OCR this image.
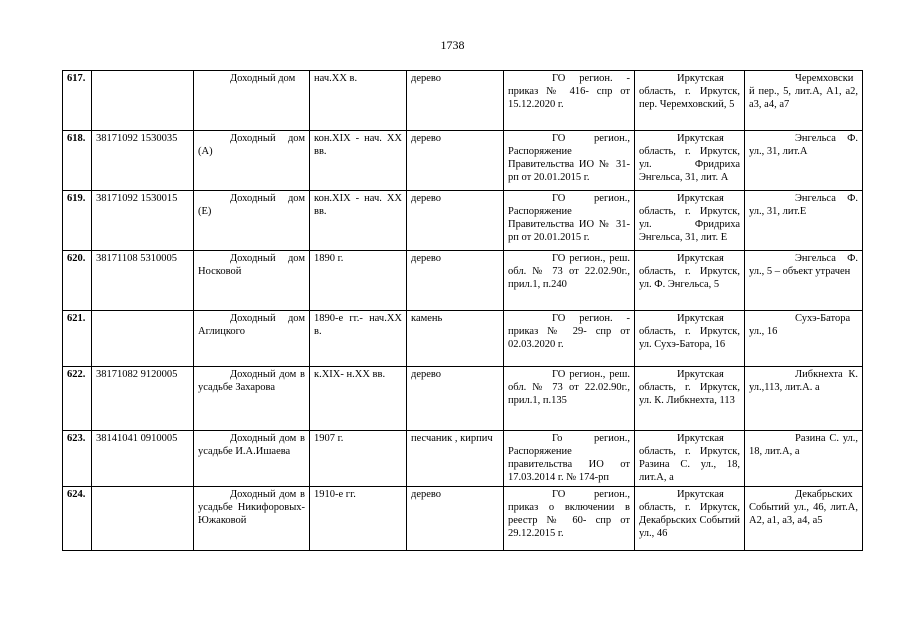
1738
617.		Доходный дом	нач.XX в.	дерево	ГО регион. - приказ № 416- спр от 15.12.2020 г.	Иркутская область, г. Иркутск, пер. Черемховский, 5	Черемховский пер., 5, лит.А, А1, а2, а3, а4, а7
618.	38171092 1530035	Доходный дом (А)	кон.XIX - нач. XX вв.	дерево	ГО регион., Распоряжение Правительства ИО № 31-рп от 20.01.2015 г.	Иркутская область, г. Иркутск, ул. Фридриха Энгельса, 31, лит. А	Энгельса Ф. ул., 31, лит.А
619.	38171092 1530015	Доходный дом (Е)	кон.XIX - нач. XX вв.	дерево	ГО регион., Распоряжение Правительства ИО № 31-рп от 20.01.2015 г.	Иркутская область, г. Иркутск, ул. Фридриха Энгельса, 31, лит. Е	Энгельса Ф. ул., 31, лит.Е
620.	38171108 5310005	Доходный дом Носковой	1890 г.	дерево	ГО регион., реш. обл. № 73 от 22.02.90г., прил.1, п.240	Иркутская область, г. Иркутск, ул. Ф. Энгельса, 5	Энгельса Ф. ул., 5 – объект утрачен
621.		Доходный дом Аглицкого	1890-е гг.- нач.XX в.	камень	ГО регион. - приказ № 29- спр от 02.03.2020 г.	Иркутская область, г. Иркутск, ул. Сухэ-Батора, 16	Сухэ-Батора ул., 16
622.	38171082 9120005	Доходный дом в усадьбе Захарова	к.XIX- н.XX вв.	дерево	ГО регион., реш. обл. № 73 от 22.02.90г., прил.1, п.135	Иркутская область, г. Иркутск, ул. К. Либкнехта, 113	Либкнехта К. ул.,113, лит.А. а
623.	38141041 0910005	Доходный дом в усадьбе И.А.Ишаева	1907 г.	песчаник , кирпич	Го регион., Распоряжение правительства ИО от 17.03.2014 г. № 174-рп	Иркутская область, г. Иркутск, Разина С. ул., 18, лит.А, а	Разина С. ул., 18, лит.А, а
624.		Доходный дом в усадьбе Никифоровых-Южаковой	1910-е гг.	дерево	ГО регион., приказ о включении в реестр № 60- спр от 29.12.2015 г.	Иркутская область, г. Иркутск, Декабрьских Событий ул., 46	Декабрьских Событий ул., 46, лит.А, А2, а1, а3, а4, а5
